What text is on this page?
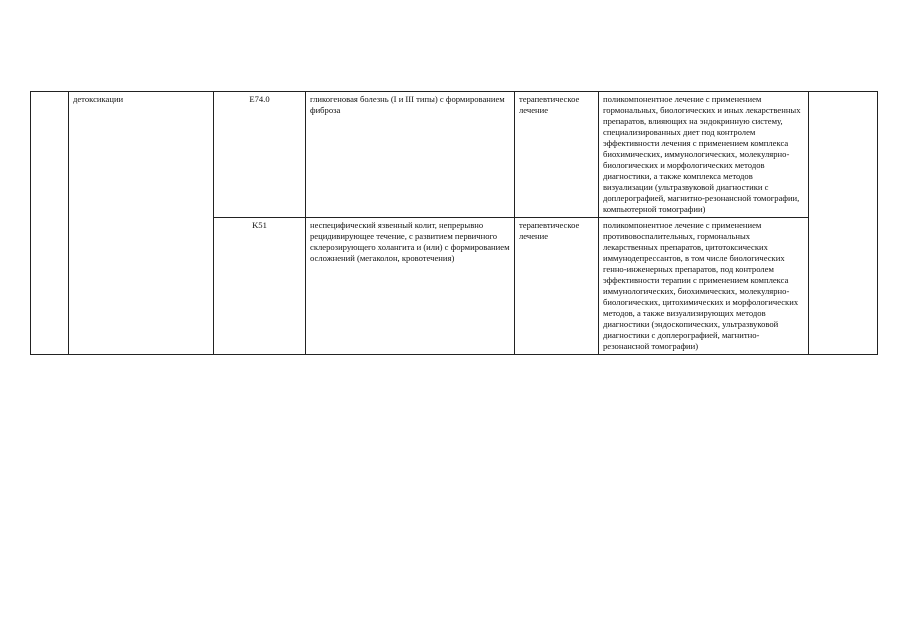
	детоксикации	E74.0	гликогеновая болезнь (I и III типы) с формированием фиброза	терапевтическое лечение	поликомпонентное лечение с применением гормональных, биологических и иных лекарственных препаратов, влияющих на эндокринную систему, специализированных диет под контролем эффективности лечения с применением комплекса биохимических, иммунологических, молекулярно-биологических и морфологических методов диагностики, а также комплекса методов визуализации (ультразвуковой диагностики с доплерографией, магнитно-резонансной томографии, компьютерной томографии)	
		K51	неспецифический язвенный колит, непрерывно рецидивирующее течение, с развитием первичного склерозирующего холангита и (или) с формированием осложнений (мегаколон, кровотечения)	терапевтическое лечение	поликомпонентное лечение с применением противовоспалительных, гормональных лекарственных препаратов, цитотоксических иммунодепрессантов, в том числе биологических генно-инженерных препаратов, под контролем эффективности терапии с применением комплекса иммунологических, биохимических, молекулярно-биологических, цитохимических и морфологических методов, а также визуализирующих методов диагностики (эндоскопических, ультразвуковой диагностики с доплерографией, магнитно-резонансной томографии)	
